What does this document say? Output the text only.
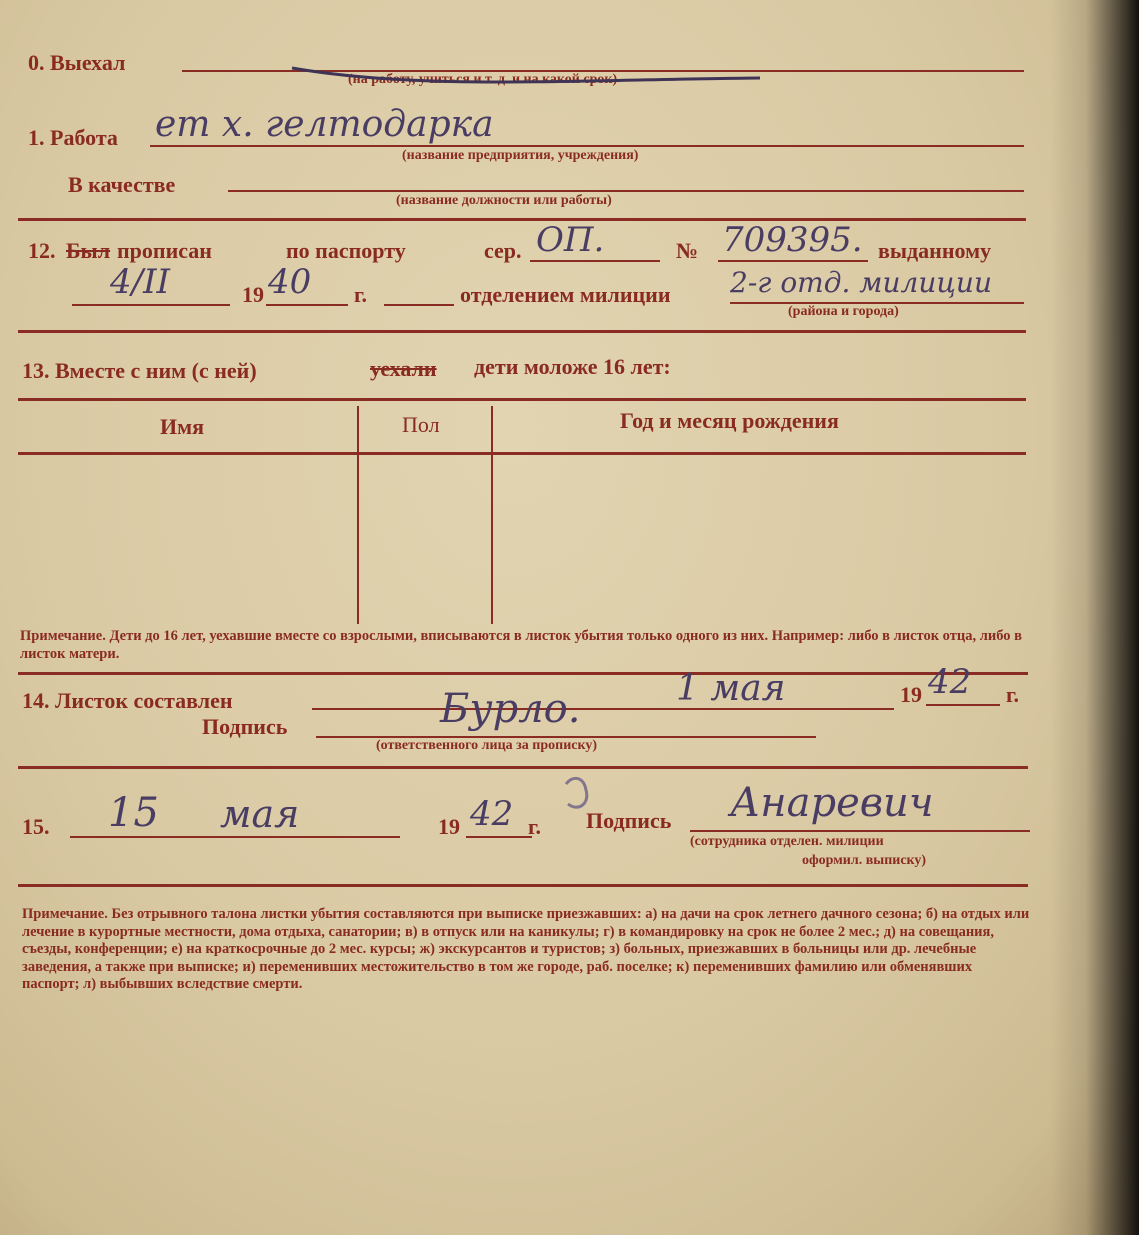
0. Выехал
(на работу, учиться и т. д. и на какой срок)
1. Работа ет х. гелтодарка
(название предприятия, учреждения)
В качестве
(название должности или работы)
12. Был прописан	по паспорту	сер. ОП.	№ 709395. выданному
4/II	19 40 г.	отделением милиции 2-г отд. милиции
(района и города)
13. Вместе с ним (с ней)	уехали дети моложе 16 лет:
Имя	Пол	Год и месяц рождения
Примечание. Дети до 16 лет, уехавшие вместе со взрослыми, вписываются в листок убытия только одного из них. Например: либо в листок отца, либо в листок матери.
14. Листок составлен	1 мая	19 42 г.
Подпись	Бурло.
(ответственного лица за прописку)
15. 15 мая	19 42 г. Подпись Анаревич
(сотрудника отделен. милиции
оформил. выписку)
Примечание. Без отрывного талона листки убытия составляются при выписке приезжавших: а) на дачи на срок летнего дачного сезона; б) на отдых или лечение в курортные местности, дома отдыха, санатории; в) в отпуск или на каникулы; г) в командировку на срок не более 2 мес.; д) на совещания, съезды, конференции; е) на краткосрочные до 2 мес. курсы; ж) экскурсантов и туристов; з) больных, приезжавших в больницы или др. лечебные заведения, а также при выписке; и) переменивших местожительство в том же городе, раб. поселке; к) переменивших фамилию или обменявших паспорт; л) выбывших вследствие смерти.
